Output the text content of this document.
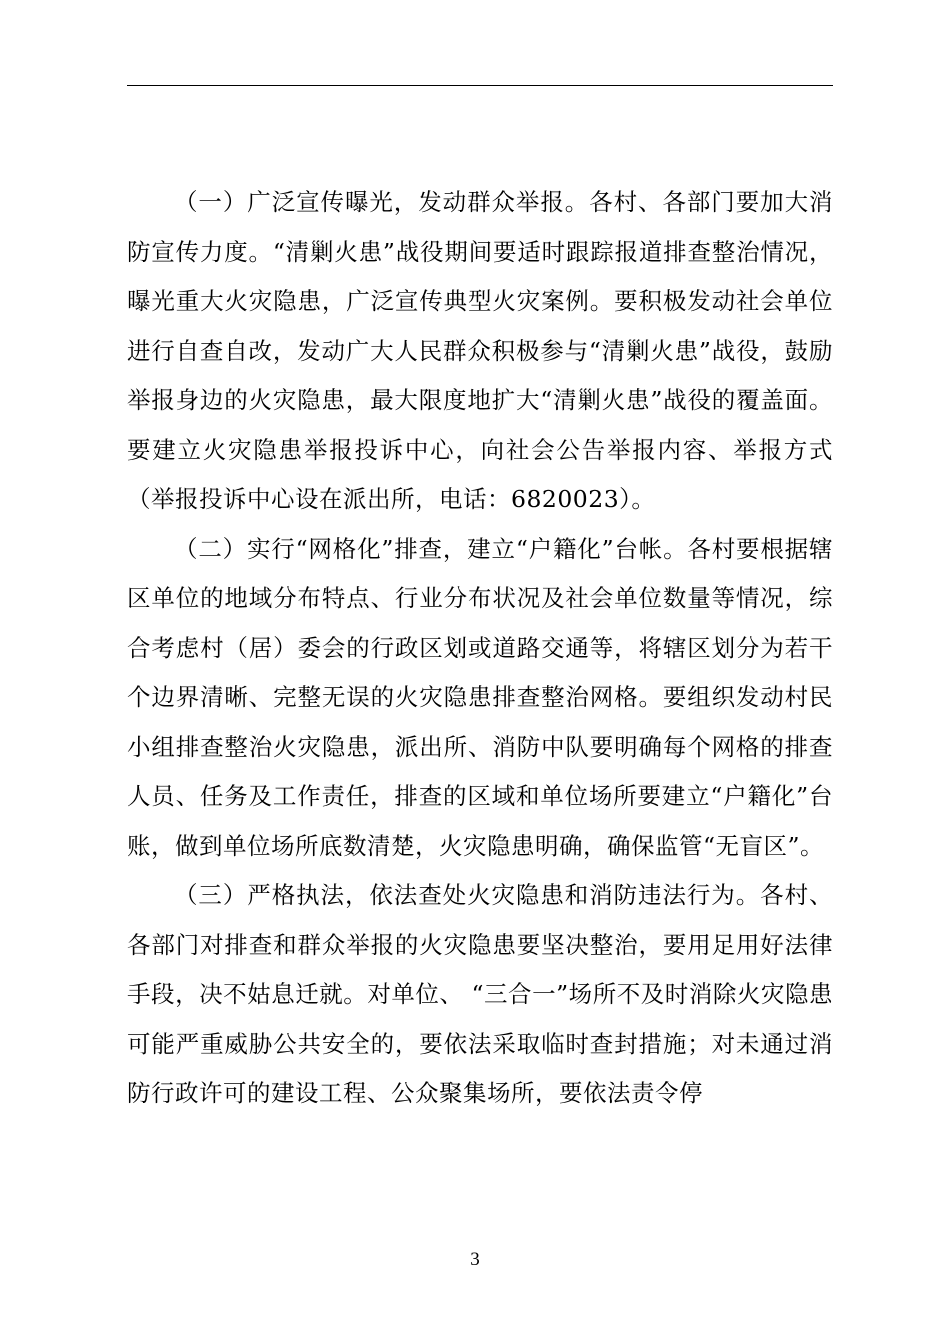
（一）广泛宣传曝光，发动群众举报。各村、各部门要加大消防宣传力度。“清剿火患”战役期间要适时跟踪报道排查整治情况，曝光重大火灾隐患，广泛宣传典型火灾案例。要积极发动社会单位进行自查自改，发动广大人民群众积极参与“清剿火患”战役，鼓励举报身边的火灾隐患，最大限度地扩大“清剿火患”战役的覆盖面。要建立火灾隐患举报投诉中心，向社会公告举报内容、举报方式（举报投诉中心设在派出所，电话：6820023）。

（二）实行“网格化”排查，建立“户籍化”台帐。各村要根据辖区单位的地域分布特点、行业分布状况及社会单位数量等情况，综合考虑村（居）委会的行政区划或道路交通等，将辖区划分为若干个边界清晰、完整无误的火灾隐患排查整治网格。要组织发动村民小组排查整治火灾隐患，派出所、消防中队要明确每个网格的排查人员、任务及工作责任，排查的区域和单位场所要建立“户籍化”台账，做到单位场所底数清楚，火灾隐患明确，确保监管“无盲区”。

（三）严格执法，依法查处火灾隐患和消防违法行为。各村、各部门对排查和群众举报的火灾隐患要坚决整治，要用足用好法律手段，决不姑息迁就。对单位、 “三合一”场所不及时消除火灾隐患可能严重威胁公共安全的，要依法采取临时查封措施；对未通过消防行政许可的建设工程、公众聚集场所，要依法责令停

3
